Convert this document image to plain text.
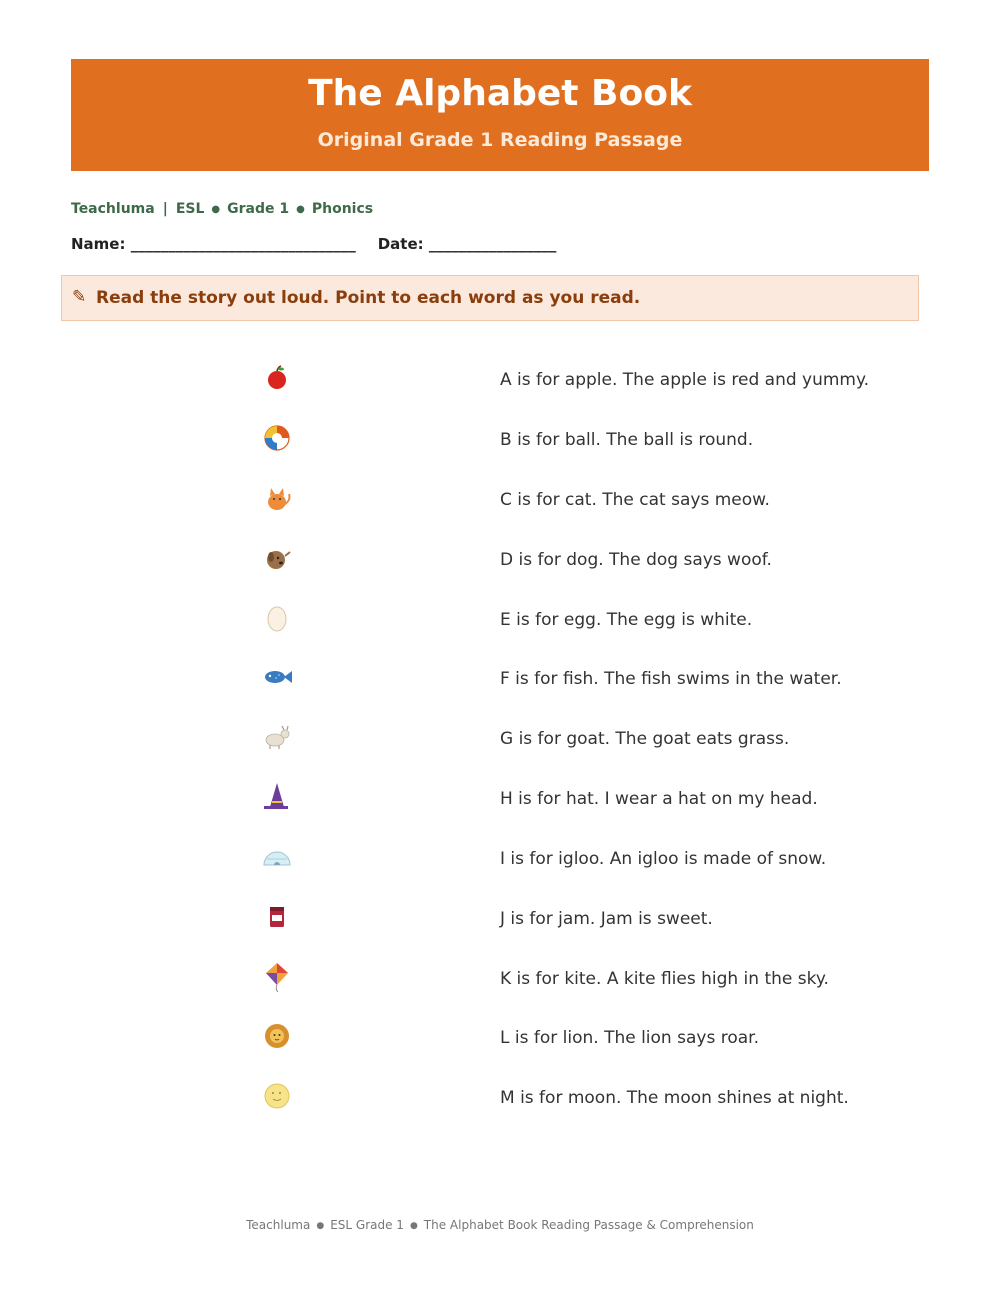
The Alphabet Book
Original Grade 1 Reading Passage
Teachluma | ESL ● Grade 1 ● Phonics
Name: ______________________________ Date: _________________
✎ Read the story out loud. Point to each word as you read.
A is for apple. The apple is red and yummy.
B is for ball. The ball is round.
C is for cat. The cat says meow.
D is for dog. The dog says woof.
E is for egg. The egg is white.
F is for fish. The fish swims in the water.
G is for goat. The goat eats grass.
H is for hat. I wear a hat on my head.
I is for igloo. An igloo is made of snow.
J is for jam. Jam is sweet.
K is for kite. A kite flies high in the sky.
L is for lion. The lion says roar.
M is for moon. The moon shines at night.
Teachluma ● ESL Grade 1 ● The Alphabet Book Reading Passage & Comprehension
